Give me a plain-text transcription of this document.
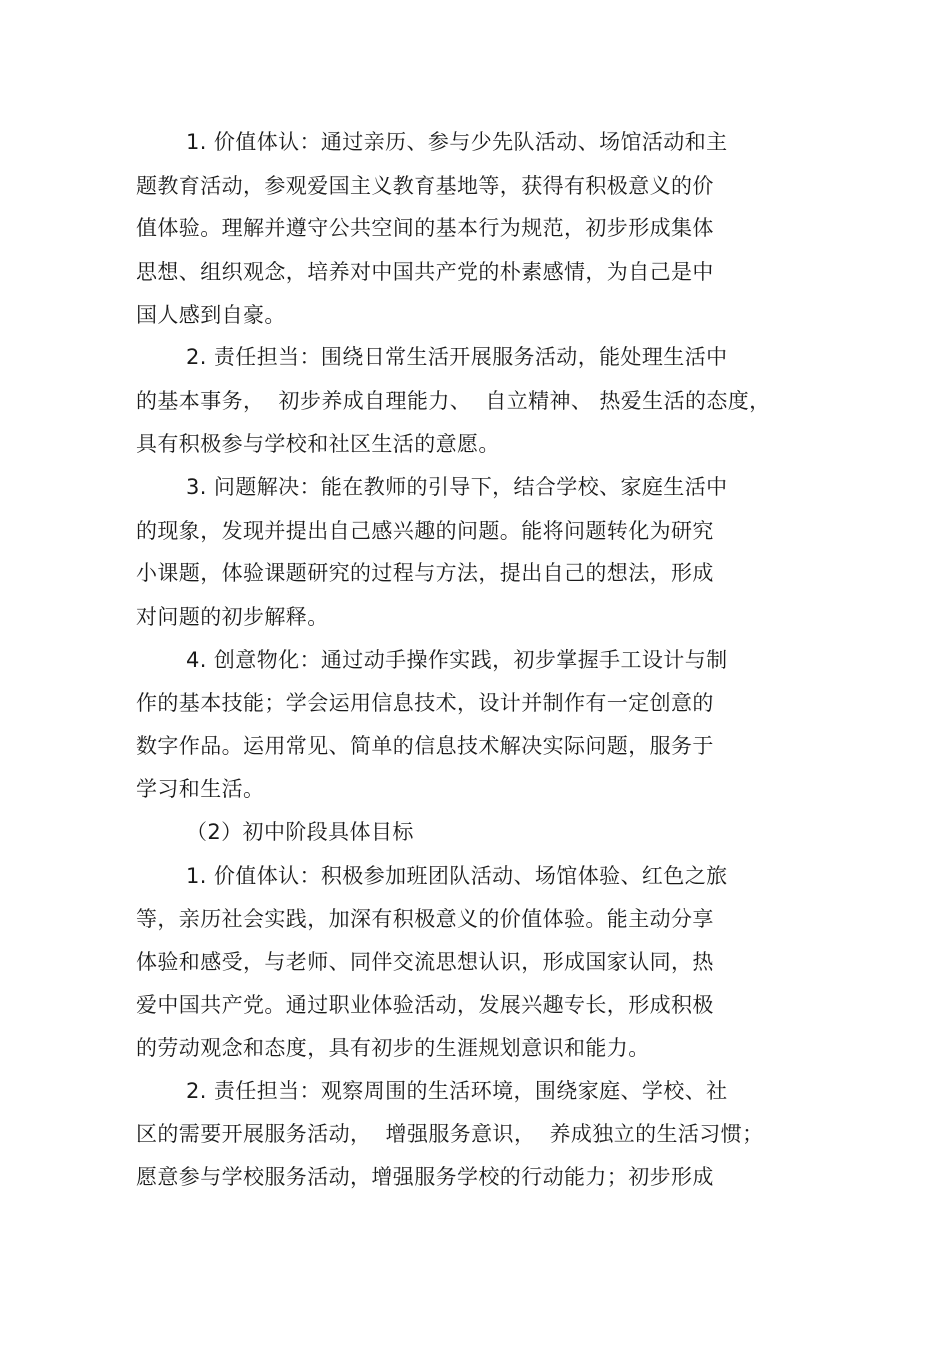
1. 价值体认：通过亲历、参与少先队活动、场馆活动和主
题教育活动，参观爱国主义教育基地等，获得有积极意义的价
值体验。理解并遵守公共空间的基本行为规范，初步形成集体
思想、组织观念，培养对中国共产党的朴素感情，为自己是中
国人感到自豪。
2. 责任担当：围绕日常生活开展服务活动，能处理生活中
的基本事务，  初步养成自理能力、  自立精神、 热爱生活的态度，
具有积极参与学校和社区生活的意愿。
3. 问题解决：能在教师的引导下，结合学校、家庭生活中
的现象，发现并提出自己感兴趣的问题。能将问题转化为研究
小课题，体验课题研究的过程与方法，提出自己的想法，形成
对问题的初步解释。
4. 创意物化：通过动手操作实践，初步掌握手工设计与制
作的基本技能；学会运用信息技术，设计并制作有一定创意的
数字作品。运用常见、简单的信息技术解决实际问题，服务于
学习和生活。
（2）初中阶段具体目标
1. 价值体认：积极参加班团队活动、场馆体验、红色之旅
等，亲历社会实践，加深有积极意义的价值体验。能主动分享
体验和感受，与老师、同伴交流思想认识，形成国家认同，热
爱中国共产党。通过职业体验活动，发展兴趣专长，形成积极
的劳动观念和态度，具有初步的生涯规划意识和能力。
2. 责任担当：观察周围的生活环境，围绕家庭、学校、社
区的需要开展服务活动，  增强服务意识，  养成独立的生活习惯；
愿意参与学校服务活动，增强服务学校的行动能力；初步形成
